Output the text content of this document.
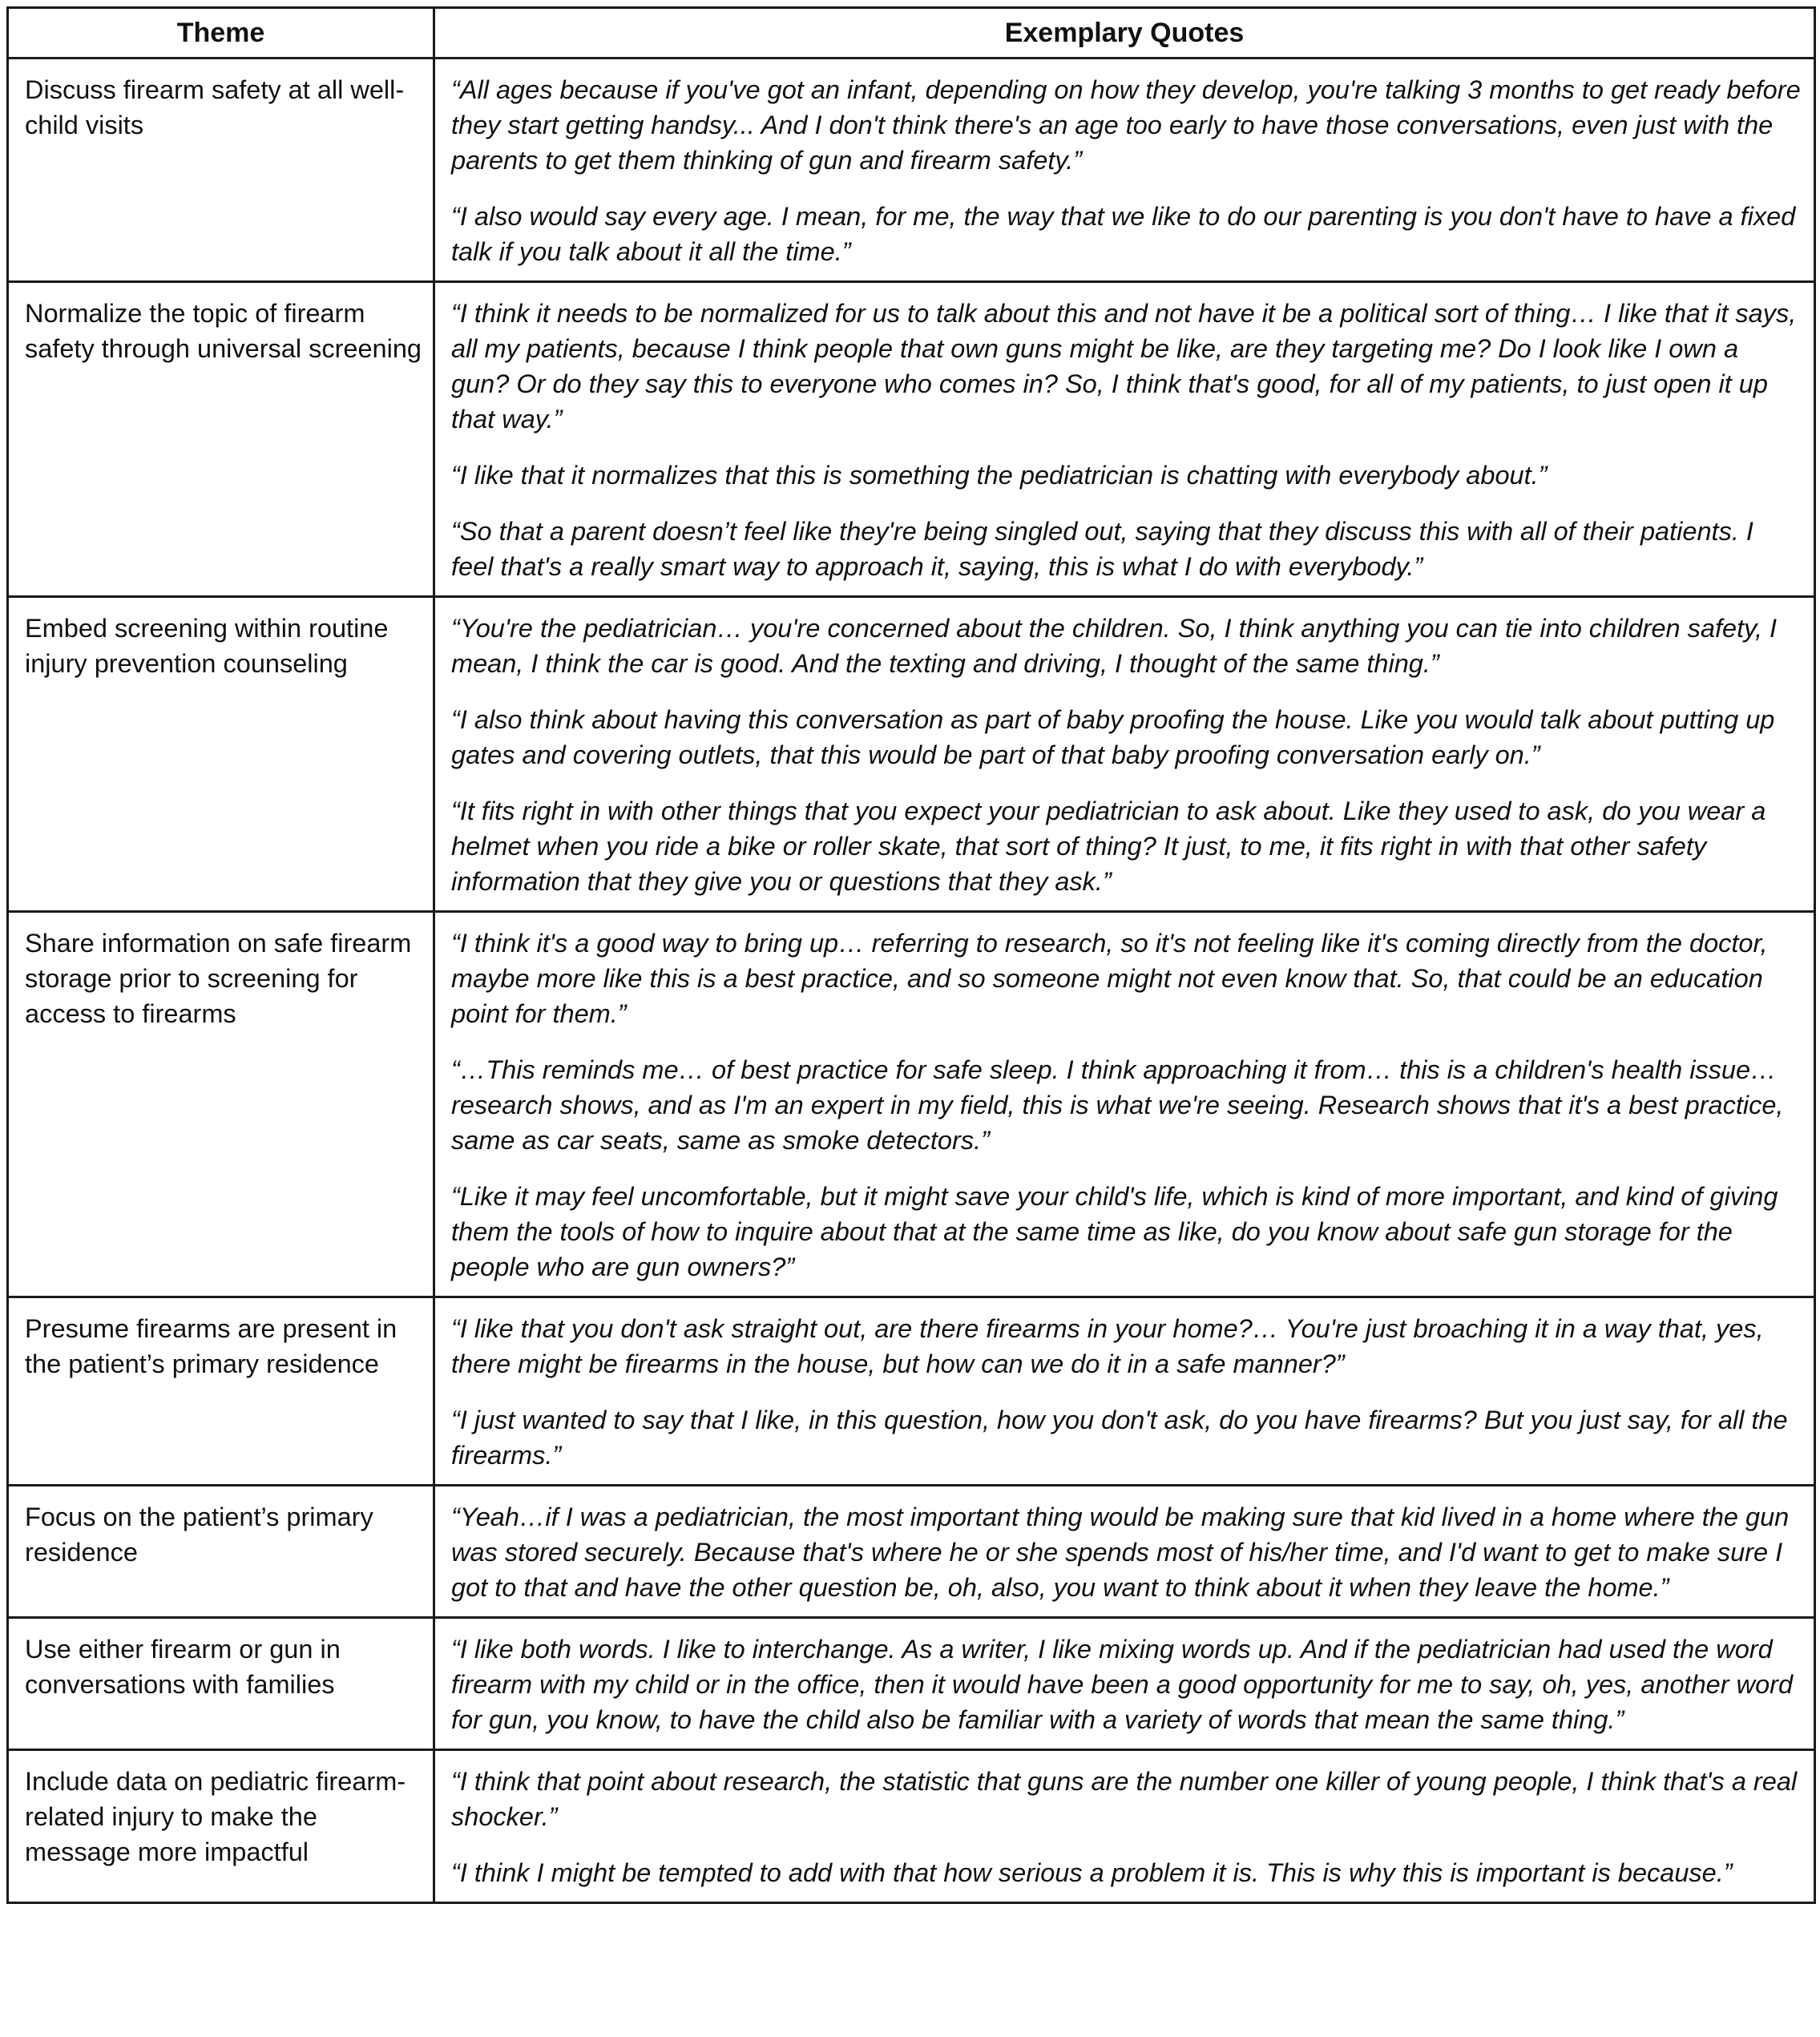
Theme	Exemplary Quotes
Discuss firearm safety at all well-child visits	“All ages because if you've got an infant, depending on how they develop, you're talking 3 months to get ready before they start getting handsy... And I don't think there's an age too early to have those conversations, even just with the parents to get them thinking of gun and firearm safety.”

“I also would say every age. I mean, for me, the way that we like to do our parenting is you don't have to have a fixed talk if you talk about it all the time.”

Normalize the topic of firearm safety through universal screening	“I think it needs to be normalized for us to talk about this and not have it be a political sort of thing… I like that it says, all my patients, because I think people that own guns might be like, are they targeting me? Do I look like I own a gun? Or do they say this to everyone who comes in? So, I think that's good, for all of my patients, to just open it up that way.”

“I like that it normalizes that this is something the pediatrician is chatting with everybody about.”

“So that a parent doesn’t feel like they're being singled out, saying that they discuss this with all of their patients. I feel that's a really smart way to approach it, saying, this is what I do with everybody.”

Embed screening within routine injury prevention counseling	“You're the pediatrician… you're concerned about the children. So, I think anything you can tie into children safety, I mean, I think the car is good. And the texting and driving, I thought of the same thing.”

“I also think about having this conversation as part of baby proofing the house. Like you would talk about putting up gates and covering outlets, that this would be part of that baby proofing conversation early on.”

“It fits right in with other things that you expect your pediatrician to ask about. Like they used to ask, do you wear a helmet when you ride a bike or roller skate, that sort of thing? It just, to me, it fits right in with that other safety information that they give you or questions that they ask.”

Share information on safe firearm storage prior to screening for access to firearms	“I think it's a good way to bring up… referring to research, so it's not feeling like it's coming directly from the doctor, maybe more like this is a best practice, and so someone might not even know that. So, that could be an education point for them.”

“…This reminds me… of best practice for safe sleep. I think approaching it from… this is a children's health issue… research shows, and as I'm an expert in my field, this is what we're seeing. Research shows that it's a best practice, same as car seats, same as smoke detectors.”

“Like it may feel uncomfortable, but it might save your child's life, which is kind of more important, and kind of giving them the tools of how to inquire about that at the same time as like, do you know about safe gun storage for the people who are gun owners?”

Presume firearms are present in the patient’s primary residence	“I like that you don't ask straight out, are there firearms in your home?… You're just broaching it in a way that, yes, there might be firearms in the house, but how can we do it in a safe manner?”

“I just wanted to say that I like, in this question, how you don't ask, do you have firearms? But you just say, for all the firearms.”

Focus on the patient’s primary residence	“Yeah…if I was a pediatrician, the most important thing would be making sure that kid lived in a home where the gun was stored securely. Because that's where he or she spends most of his/her time, and I'd want to get to make sure I got to that and have the other question be, oh, also, you want to think about it when they leave the home.”

Use either firearm or gun in conversations with families	“I like both words. I like to interchange. As a writer, I like mixing words up. And if the pediatrician had used the word firearm with my child or in the office, then it would have been a good opportunity for me to say, oh, yes, another word for gun, you know, to have the child also be familiar with a variety of words that mean the same thing.”

Include data on pediatric firearm-related injury to make the message more impactful	“I think that point about research, the statistic that guns are the number one killer of young people, I think that's a real shocker.”

“I think I might be tempted to add with that how serious a problem it is. This is why this is important is because.”
